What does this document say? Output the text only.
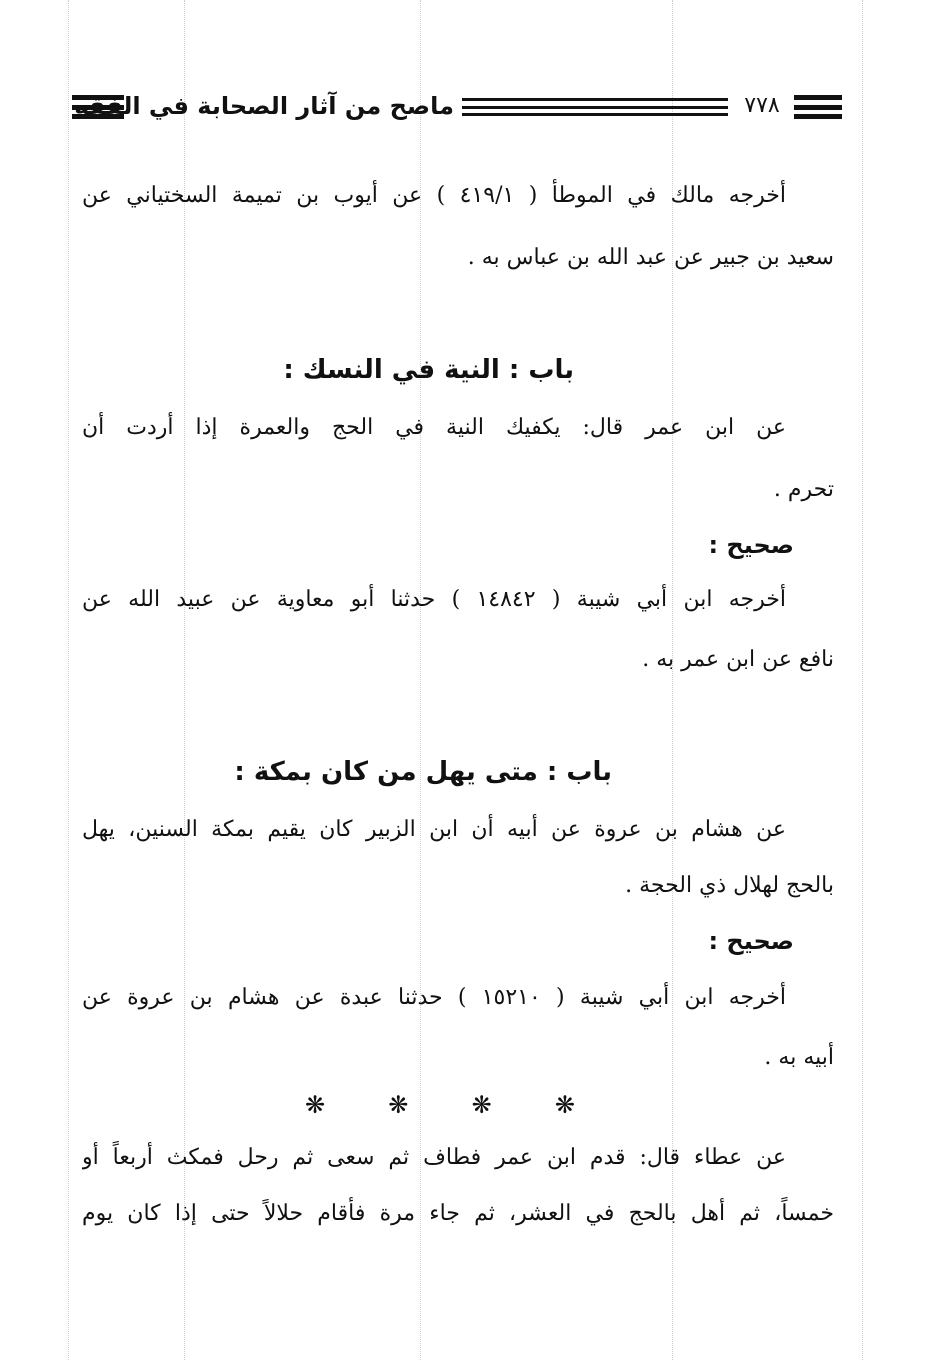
ماصح من آثار الصحابة في الفقه	٧٧٨
أخرجه مالك في الموطأ ( ٤١٩/١ ) عن أيوب بن تميمة السختياني عن
سعيد بن جبير عن عبد الله بن عباس به .
باب : النية في النسك :
عن ابن عمر قال: يكفيك النية في الحج والعمرة إذا أردت أن
تحرم .
صحيح :
أخرجه ابن أبي شيبة ( ١٤٨٤٢ ) حدثنا أبو معاوية عن عبيد الله عن
نافع عن ابن عمر به .
باب : متى يهل من كان بمكة :
عن هشام بن عروة عن أبيه أن ابن الزبير كان يقيم بمكة السنين، يهل
بالحج لهلال ذي الحجة .
صحيح :
أخرجه ابن أبي شيبة ( ١٥٢١٠ ) حدثنا عبدة عن هشام بن عروة عن
أبيه به .
❋	❋	❋	❋
عن عطاء قال: قدم ابن عمر فطاف ثم سعى ثم رحل فمكث أربعاً أو
خمساً، ثم أهل بالحج في العشر، ثم جاء مرة فأقام حلالاً حتى إذا كان يوم
